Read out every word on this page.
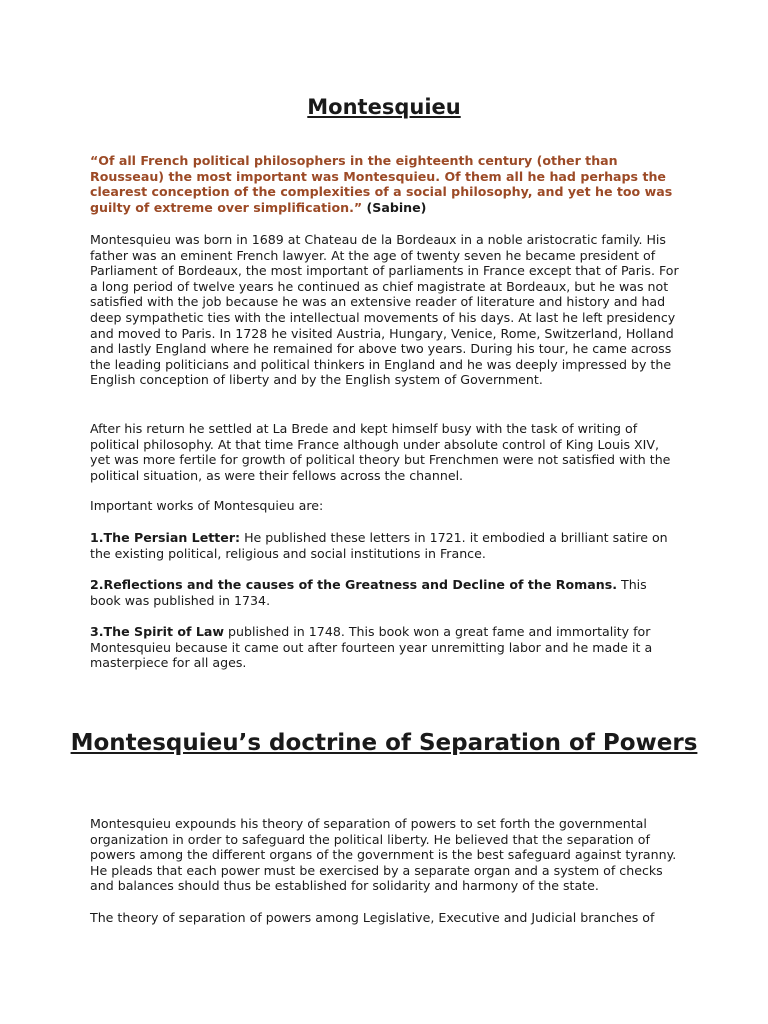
Montesquieu

“Of all French political philosophers in the eighteenth century (other than Rousseau) the most important was Montesquieu. Of them all he had perhaps the clearest conception of the complexities of a social philosophy, and yet he too was guilty of extreme over simplification.” (Sabine)

Montesquieu was born in 1689 at Chateau de la Bordeaux in a noble aristocratic family. His father was an eminent French lawyer. At the age of twenty seven he became president of Parliament of Bordeaux, the most important of parliaments in France except that of Paris. For a long period of twelve years he continued as chief magistrate at Bordeaux, but he was not satisfied with the job because he was an extensive reader of literature and history and had deep sympathetic ties with the intellectual movements of his days. At last he left presidency and moved to Paris. In 1728 he visited Austria, Hungary, Venice, Rome, Switzerland, Holland and lastly England where he remained for above two years. During his tour, he came across the leading politicians and political thinkers in England and he was deeply impressed by the English conception of liberty and by the English system of Government.

After his return he settled at La Brede and kept himself busy with the task of writing of political philosophy. At that time France although under absolute control of King Louis XIV, yet was more fertile for growth of political theory but Frenchmen were not satisfied with the political situation, as were their fellows across the channel.

Important works of Montesquieu are:

1.The Persian Letter: He published these letters in 1721. it embodied a brilliant satire on the existing political, religious and social institutions in France.

2.Reflections and the causes of the Greatness and Decline of the Romans. This book was published in 1734.

3.The Spirit of Law published in 1748. This book won a great fame and immortality for Montesquieu because it came out after fourteen year unremitting labor and he made it a masterpiece for all ages.

Montesquieu’s doctrine of Separation of Powers

Montesquieu expounds his theory of separation of powers to set forth the governmental organization in order to safeguard the political liberty. He believed that the separation of powers among the different organs of the government is the best safeguard against tyranny. He pleads that each power must be exercised by a separate organ and a system of checks and balances should thus be established for solidarity and harmony of the state.

The theory of separation of powers among Legislative, Executive and Judicial branches of
